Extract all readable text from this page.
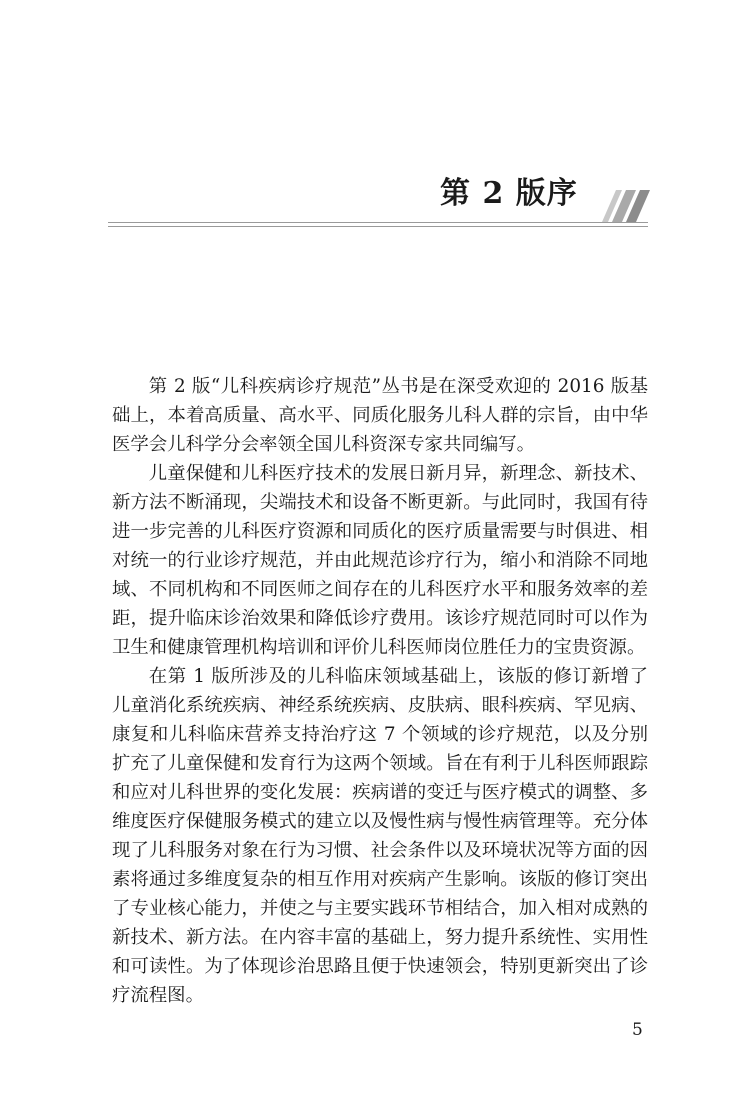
第 2 版序

第 2 版“儿科疾病诊疗规范”丛书是在深受欢迎的 2016 版基础上，本着高质量、高水平、同质化服务儿科人群的宗旨，由中华医学会儿科学分会率领全国儿科资深专家共同编写。

儿童保健和儿科医疗技术的发展日新月异，新理念、新技术、新方法不断涌现，尖端技术和设备不断更新。与此同时，我国有待进一步完善的儿科医疗资源和同质化的医疗质量需要与时俱进、相对统一的行业诊疗规范，并由此规范诊疗行为，缩小和消除不同地域、不同机构和不同医师之间存在的儿科医疗水平和服务效率的差距，提升临床诊治效果和降低诊疗费用。该诊疗规范同时可以作为卫生和健康管理机构培训和评价儿科医师岗位胜任力的宝贵资源。

在第 1 版所涉及的儿科临床领域基础上，该版的修订新增了儿童消化系统疾病、神经系统疾病、皮肤病、眼科疾病、罕见病、康复和儿科临床营养支持治疗这 7 个领域的诊疗规范，以及分别扩充了儿童保健和发育行为这两个领域。旨在有利于儿科医师跟踪和应对儿科世界的变化发展：疾病谱的变迁与医疗模式的调整、多维度医疗保健服务模式的建立以及慢性病与慢性病管理等。充分体现了儿科服务对象在行为习惯、社会条件以及环境状况等方面的因素将通过多维度复杂的相互作用对疾病产生影响。该版的修订突出了专业核心能力，并使之与主要实践环节相结合，加入相对成熟的新技术、新方法。在内容丰富的基础上，努力提升系统性、实用性和可读性。为了体现诊治思路且便于快速领会，特别更新突出了诊疗流程图。

5
